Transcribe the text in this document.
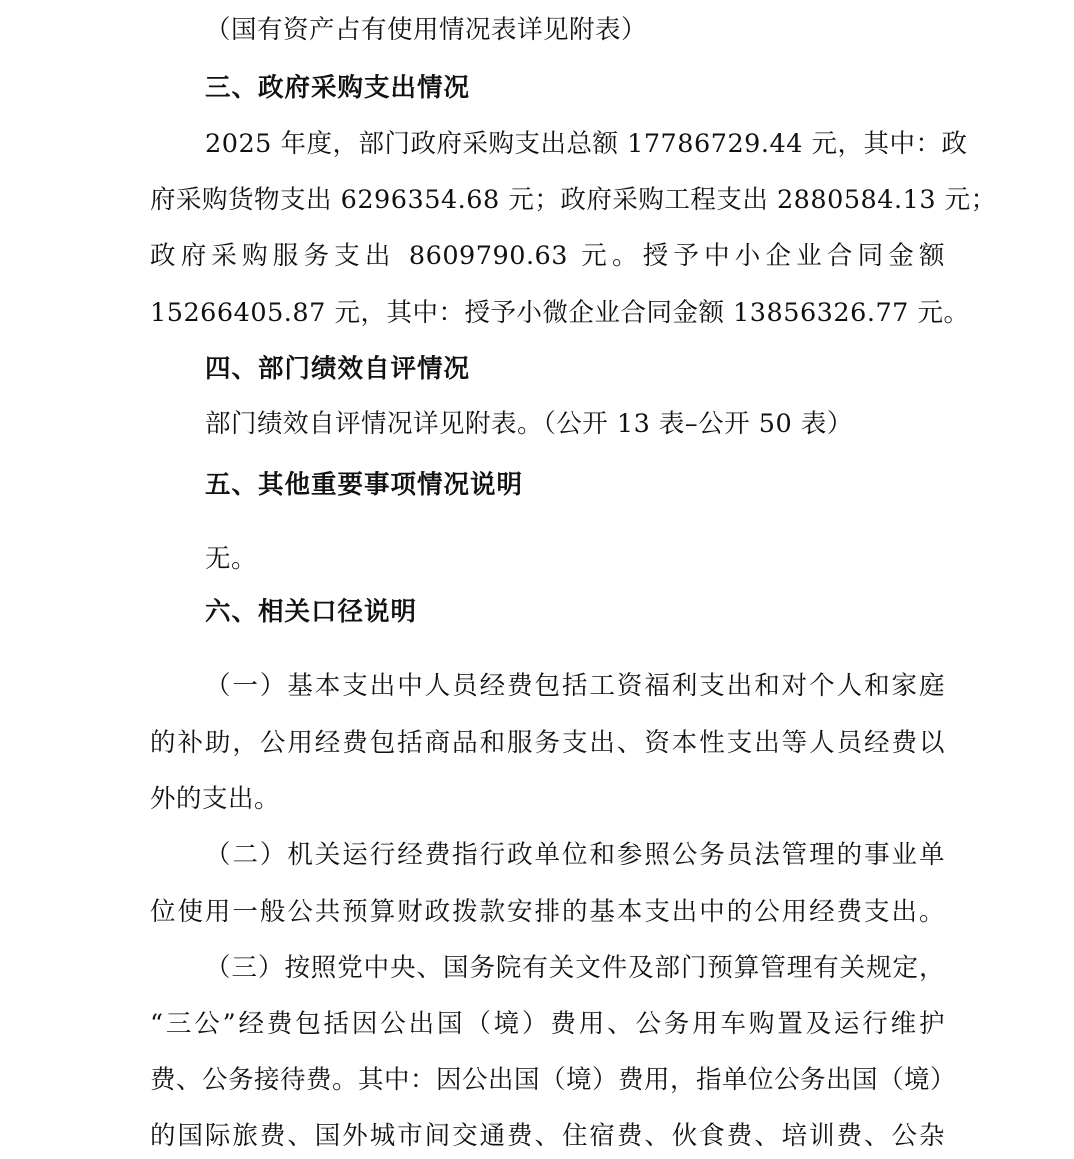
（国有资产占有使用情况表详见附表）
三、政府采购支出情况
2025 年度，部门政府采购支出总额 17786729.44 元，其中：政
府采购货物支出 6296354.68 元；政府采购工程支出 2880584.13 元；
政府采购服务支出 8609790.63 元。授予中小企业合同金额
15266405.87 元，其中：授予小微企业合同金额 13856326.77 元。
四、部门绩效自评情况
部门绩效自评情况详见附表。（公开 13 表–公开 50 表）
五、其他重要事项情况说明
无。
六、相关口径说明
（一）基本支出中人员经费包括工资福利支出和对个人和家庭
的补助，公用经费包括商品和服务支出、资本性支出等人员经费以
外的支出。
（二）机关运行经费指行政单位和参照公务员法管理的事业单
位使用一般公共预算财政拨款安排的基本支出中的公用经费支出。
（三）按照党中央、国务院有关文件及部门预算管理有关规定，
“三公”经费包括因公出国（境）费用、公务用车购置及运行维护
费、公务接待费。其中：因公出国（境）费用，指单位公务出国（境）
的国际旅费、国外城市间交通费、住宿费、伙食费、培训费、公杂
